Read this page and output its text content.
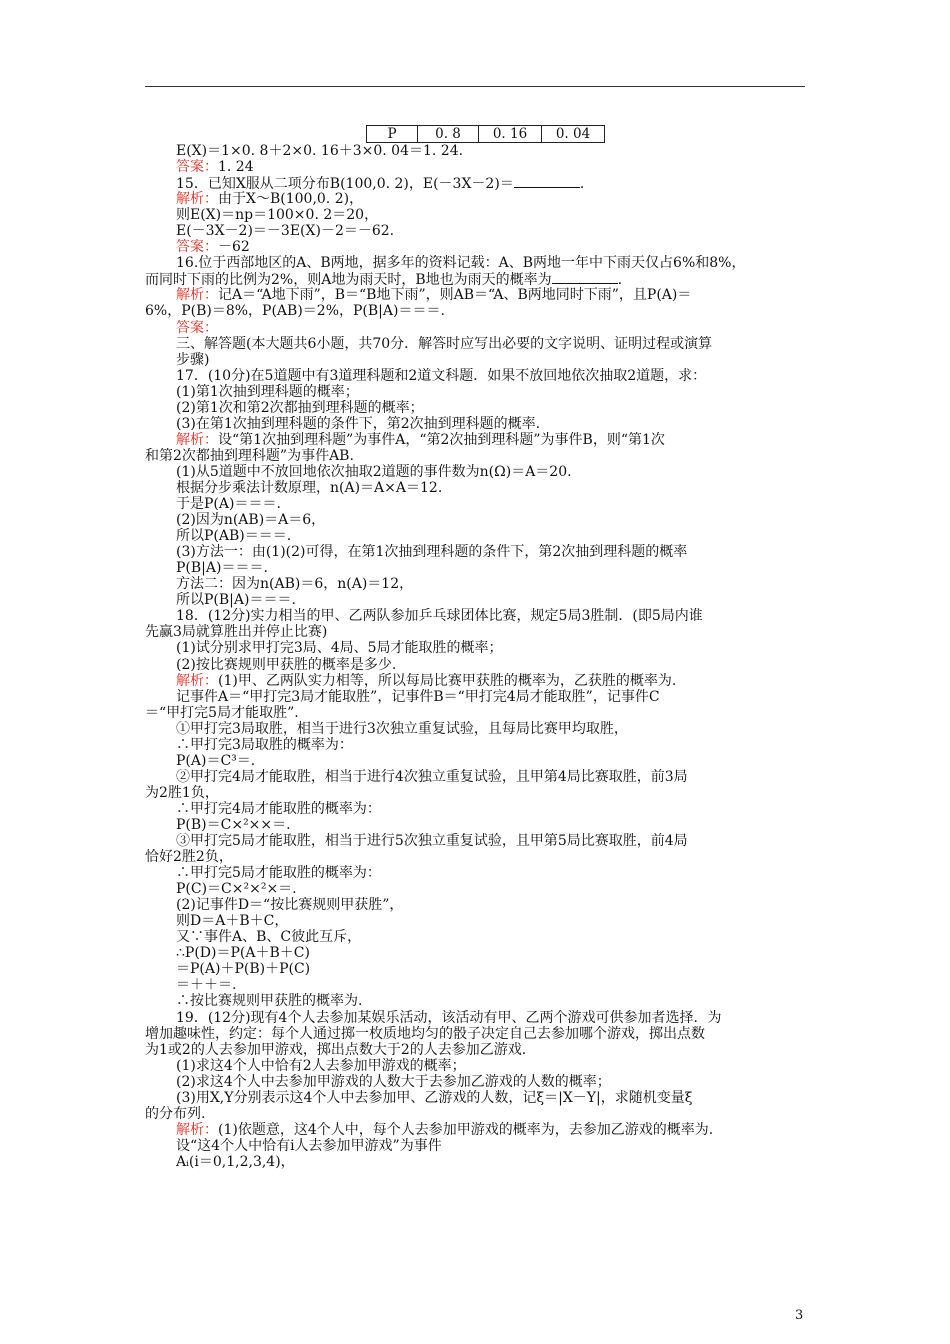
P	0. 8	0. 16	0. 04
E(X)＝1×0. 8＋2×0. 16＋3×0. 04＝1. 24.
答案：1. 24
15．已知X服从二项分布B(100,0. 2)，E(－3X－2)＝	.
解析：由于X～B(100,0. 2)，
则E(X)＝np＝100×0. 2＝20，
E(－3X－2)＝－3E(X)－2＝－62.
答案：－62
16.位于西部地区的A、B两地，据多年的资料记载：A、B两地一年中下雨天仅占6%和8%，
而同时下雨的比例为2%，则A地为雨天时，B地也为雨天的概率为	.
解析：记A＝“A地下雨”，B＝“B地下雨”，则AB＝“A、B两地同时下雨”，且P(A)＝
6%，P(B)＝8%，P(AB)＝2%，P(B|A)＝＝＝.
答案：
三、解答题(本大题共6小题，共70分．解答时应写出必要的文字说明、证明过程或演算
步骤)
17．(10分)在5道题中有3道理科题和2道文科题．如果不放回地依次抽取2道题，求：
(1)第1次抽到理科题的概率；
(2)第1次和第2次都抽到理科题的概率；
(3)在第1次抽到理科题的条件下，第2次抽到理科题的概率.
解析：设“第1次抽到理科题”为事件A，“第2次抽到理科题”为事件B，则“第1次
和第2次都抽到理科题”为事件AB.
(1)从5道题中不放回地依次抽取2道题的事件数为n(Ω)＝A＝20.
根据分步乘法计数原理，n(A)＝A×A＝12.
于是P(A)＝＝＝.
(2)因为n(AB)＝A＝6，
所以P(AB)＝＝＝.
(3)方法一：由(1)(2)可得，在第1次抽到理科题的条件下，第2次抽到理科题的概率
P(B|A)＝＝＝.
方法二：因为n(AB)＝6，n(A)＝12，
所以P(B|A)＝＝＝.
18．(12分)实力相当的甲、乙两队参加乒乓球团体比赛，规定5局3胜制．(即5局内谁
先赢3局就算胜出并停止比赛)
(1)试分别求甲打完3局、4局、5局才能取胜的概率；
(2)按比赛规则甲获胜的概率是多少.
解析：(1)甲、乙两队实力相等，所以每局比赛甲获胜的概率为，乙获胜的概率为.
记事件A＝“甲打完3局才能取胜”，记事件B＝“甲打完4局才能取胜”，记事件C
＝“甲打完5局才能取胜”.
①甲打完3局取胜，相当于进行3次独立重复试验，且每局比赛甲均取胜，
∴甲打完3局取胜的概率为：
P(A)＝C³＝.
②甲打完4局才能取胜，相当于进行4次独立重复试验，且甲第4局比赛取胜，前3局
为2胜1负，
∴甲打完4局才能取胜的概率为：
P(B)＝C×²××＝.
③甲打完5局才能取胜，相当于进行5次独立重复试验，且甲第5局比赛取胜，前4局
恰好2胜2负，
∴甲打完5局才能取胜的概率为：
P(C)＝C×²×²×＝.
(2)记事件D＝“按比赛规则甲获胜”，
则D＝A＋B＋C，
又∵事件A、B、C彼此互斥，
∴P(D)＝P(A＋B＋C)
＝P(A)＋P(B)＋P(C)
＝＋＋＝.
∴按比赛规则甲获胜的概率为.
19．(12分)现有4个人去参加某娱乐活动，该活动有甲、乙两个游戏可供参加者选择．为
增加趣味性，约定：每个人通过掷一枚质地均匀的骰子决定自己去参加哪个游戏，掷出点数
为1或2的人去参加甲游戏，掷出点数大于2的人去参加乙游戏.
(1)求这4个人中恰有2人去参加甲游戏的概率；
(2)求这4个人中去参加甲游戏的人数大于去参加乙游戏的人数的概率；
(3)用X,Y分别表示这4个人中去参加甲、乙游戏的人数，记ξ＝|X－Y|，求随机变量ξ
的分布列.
解析：(1)依题意，这4个人中，每个人去参加甲游戏的概率为，去参加乙游戏的概率为.
设“这4个人中恰有i人去参加甲游戏”为事件
Aᵢ(i＝0,1,2,3,4)，
3
